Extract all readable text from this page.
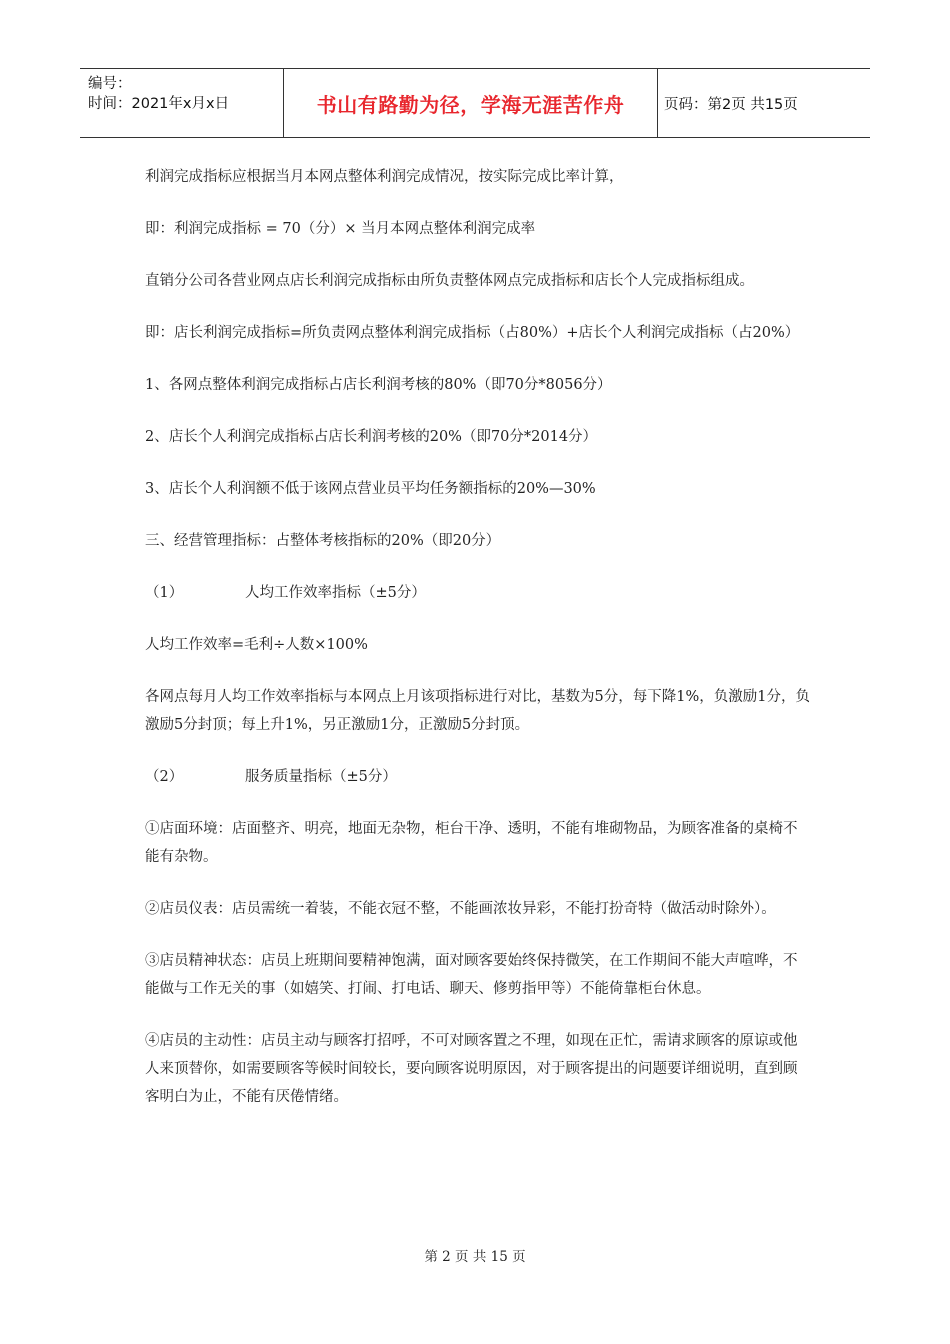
编号：
时间：2021年x月x日	书山有路勤为径，学海无涯苦作舟	页码：第2页 共15页

利润完成指标应根据当月本网点整体利润完成情况，按实际完成比率计算，

即：利润完成指标 = 70（分）× 当月本网点整体利润完成率

直销分公司各营业网点店长利润完成指标由所负责整体网点完成指标和店长个人完成指标组成。

即：店长利润完成指标=所负责网点整体利润完成指标（占80%）+店长个人利润完成指标（占20%）

1、各网点整体利润完成指标占店长利润考核的80%（即70分*8056分）

2、店长个人利润完成指标占店长利润考核的20%（即70分*2014分）

3、店长个人利润额不低于该网点营业员平均任务额指标的20%—30%

三、经营管理指标：占整体考核指标的20%（即20分）

（1）	人均工作效率指标（±5分）

人均工作效率=毛利÷人数×100%

各网点每月人均工作效率指标与本网点上月该项指标进行对比，基数为5分，每下降1%，负激励1分，负激励5分封顶；每上升1%，另正激励1分，正激励5分封顶。

（2）	服务质量指标（±5分）

①店面环境：店面整齐、明亮，地面无杂物，柜台干净、透明，不能有堆砌物品，为顾客准备的桌椅不能有杂物。

②店员仪表：店员需统一着装，不能衣冠不整，不能画浓妆异彩，不能打扮奇特（做活动时除外）。

③店员精神状态：店员上班期间要精神饱满，面对顾客要始终保持微笑，在工作期间不能大声喧哗，不能做与工作无关的事（如嬉笑、打闹、打电话、聊天、修剪指甲等）不能倚靠柜台休息。

④店员的主动性：店员主动与顾客打招呼，不可对顾客置之不理，如现在正忙，需请求顾客的原谅或他人来顶替你，如需要顾客等候时间较长，要向顾客说明原因，对于顾客提出的问题要详细说明，直到顾客明白为止，不能有厌倦情绪。

第 2 页 共 15 页
